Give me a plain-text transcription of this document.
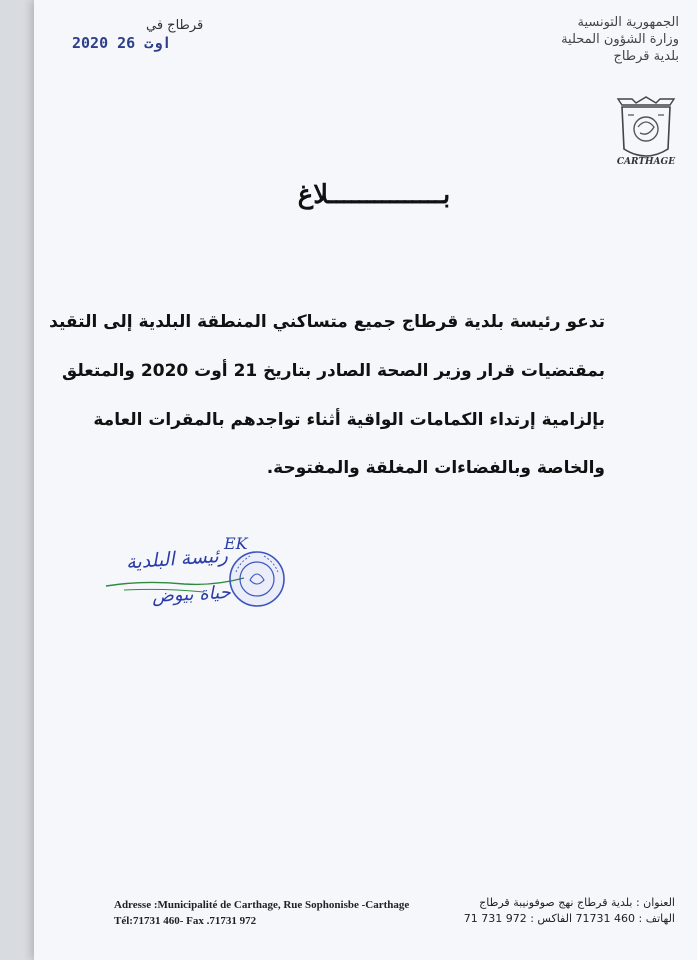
الجمهورية التونسية
وزارة الشؤون المحلية
بلدية قرطاج
قرطاج في
2020 اوت 26
CARTHAGE
بـــــــــــــــلاغ
تدعو رئيسة بلدية قرطاج جميع متساكني المنطقة البلدية إلى التقيد
بمقتضيات قرار وزير الصحة الصادر بتاريخ 21 أوت 2020 والمتعلق
بإلزامية إرتداء الكمامات الواقية أثناء تواجدهم بالمقرات العامة
والخاصة وبالفضاءات المغلقة والمفتوحة.
EK
رئيسة البلدية
حياة بيوض
Adresse :Municipalité de Carthage, Rue Sophonisbe -Carthage
Tél:71731 460- Fax .71731 972
العنوان : بلدية قرطاج نهج صوفونيبة قرطاج
الهاتف : 460 71731 الفاكس : 972 731 71
